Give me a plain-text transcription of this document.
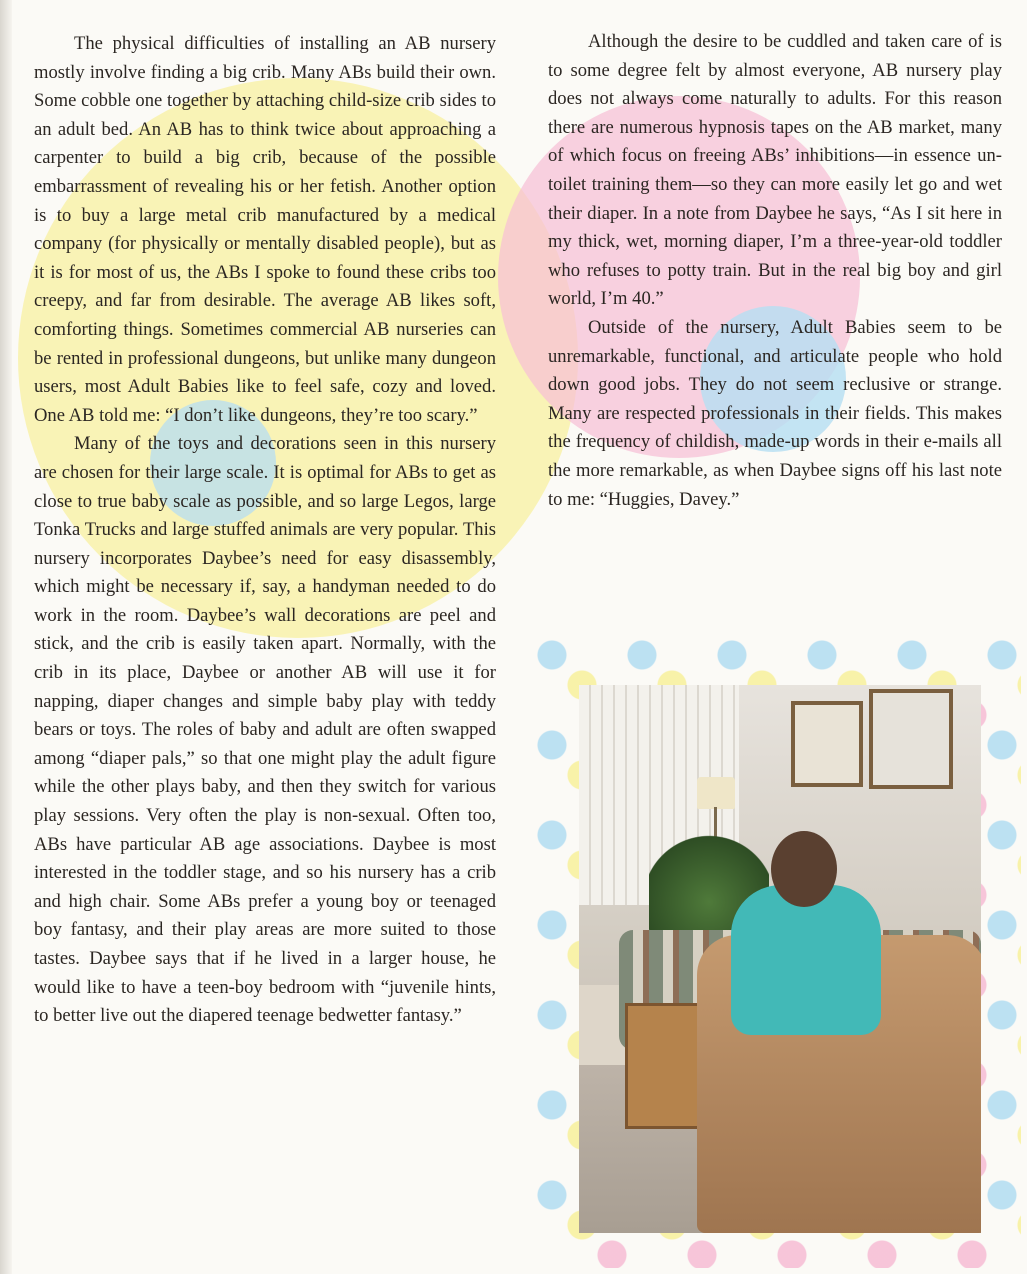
The physical difficulties of installing an AB nursery mostly involve finding a big crib. Many ABs build their own. Some cobble one together by attaching child-size crib sides to an adult bed. An AB has to think twice about approaching a carpenter to build a big crib, because of the possible embarrassment of revealing his or her fetish. Another option is to buy a large metal crib manufactured by a medical company (for physically or mentally disabled people), but as it is for most of us, the ABs I spoke to found these cribs too creepy, and far from desirable. The average AB likes soft, comforting things. Sometimes commercial AB nurseries can be rented in professional dungeons, but unlike many dungeon users, most Adult Babies like to feel safe, cozy and loved. One AB told me: “I don’t like dungeons, they’re too scary.”

Many of the toys and decorations seen in this nursery are chosen for their large scale. It is optimal for ABs to get as close to true baby scale as possible, and so large Legos, large Tonka Trucks and large stuffed animals are very popular. This nursery incorporates Daybee’s need for easy disassembly, which might be necessary if, say, a handyman needed to do work in the room. Daybee’s wall decorations are peel and stick, and the crib is easily taken apart. Normally, with the crib in its place, Daybee or another AB will use it for napping, diaper changes and simple baby play with teddy bears or toys. The roles of baby and adult are often swapped among “diaper pals,” so that one might play the adult figure while the other plays baby, and then they switch for various play sessions. Very often the play is non-sexual. Often too, ABs have particular AB age associations. Daybee is most interested in the toddler stage, and so his nursery has a crib and high chair. Some ABs prefer a young boy or teenaged boy fantasy, and their play areas are more suited to those tastes. Daybee says that if he lived in a larger house, he would like to have a teen-boy bedroom with “juvenile hints, to better live out the diapered teenage bedwetter fantasy.”

Although the desire to be cuddled and taken care of is to some degree felt by almost everyone, AB nursery play does not always come naturally to adults. For this reason there are numerous hypnosis tapes on the AB market, many of which focus on freeing ABs’ inhibitions—in essence un-toilet training them—so they can more easily let go and wet their diaper. In a note from Daybee he says, “As I sit here in my thick, wet, morning diaper, I’m a three-year-old toddler who refuses to potty train. But in the real big boy and girl world, I’m 40.”

Outside of the nursery, Adult Babies seem to be unremarkable, functional, and articulate people who hold down good jobs. They do not seem reclusive or strange. Many are respected professionals in their fields. This makes the frequency of childish, made-up words in their e-mails all the more remarkable, as when Daybee signs off his last note to me: “Huggies, Davey.”
